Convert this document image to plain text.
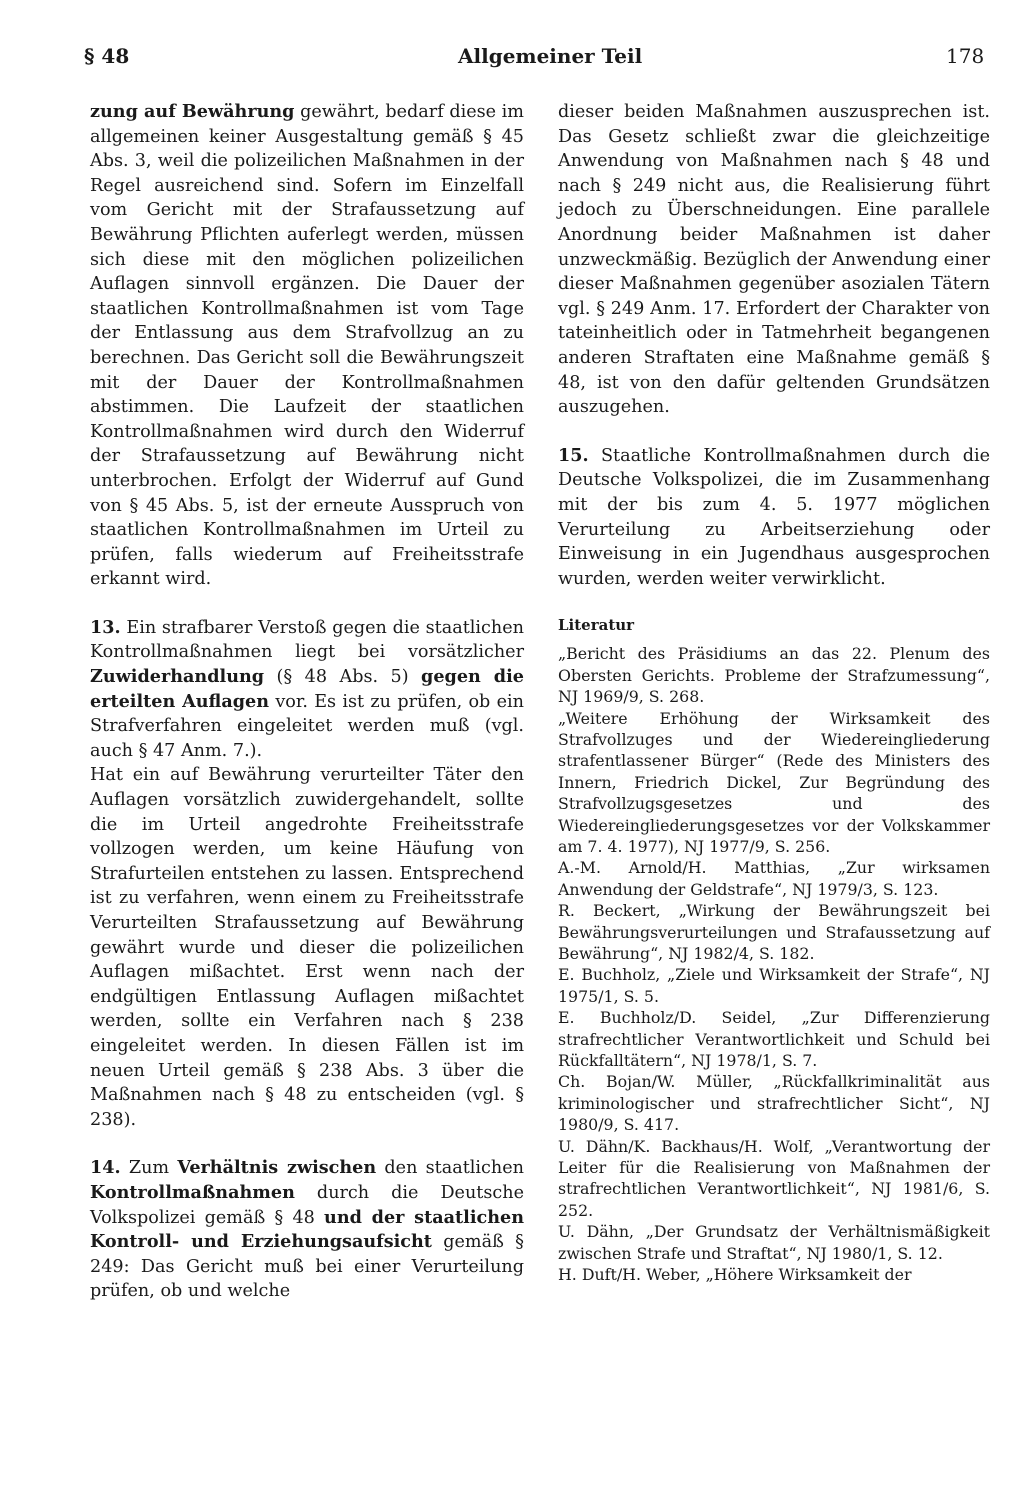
§ 48	Allgemeiner Teil	178

zung auf Bewährung gewährt, bedarf diese im allgemeinen keiner Ausgestaltung gemäß § 45 Abs. 3, weil die polizeilichen Maßnahmen in der Regel ausreichend sind. Sofern im Einzelfall vom Gericht mit der Strafaussetzung auf Bewährung Pflichten auferlegt werden, müssen sich diese mit den möglichen polizeilichen Auflagen sinnvoll ergänzen. Die Dauer der staatlichen Kontrollmaßnahmen ist vom Tage der Entlassung aus dem Strafvollzug an zu berechnen. Das Gericht soll die Bewährungszeit mit der Dauer der Kontrollmaßnahmen abstimmen. Die Laufzeit der staatlichen Kontrollmaßnahmen wird durch den Widerruf der Strafaussetzung auf Bewährung nicht unterbrochen. Erfolgt der Widerruf auf Gund von § 45 Abs. 5, ist der erneute Ausspruch von staatlichen Kontrollmaßnahmen im Urteil zu prüfen, falls wiederum auf Freiheitsstrafe erkannt wird.

13. Ein strafbarer Verstoß gegen die staatlichen Kontrollmaßnahmen liegt bei vorsätzlicher Zuwiderhandlung (§ 48 Abs. 5) gegen die erteilten Auflagen vor. Es ist zu prüfen, ob ein Strafverfahren eingeleitet werden muß (vgl. auch § 47 Anm. 7.).

Hat ein auf Bewährung verurteilter Täter den Auflagen vorsätzlich zuwidergehandelt, sollte die im Urteil angedrohte Freiheitsstrafe vollzogen werden, um keine Häufung von Strafurteilen entstehen zu lassen. Entsprechend ist zu verfahren, wenn einem zu Freiheitsstrafe Verurteilten Strafaussetzung auf Bewährung gewährt wurde und dieser die polizeilichen Auflagen mißachtet. Erst wenn nach der endgültigen Entlassung Auflagen mißachtet werden, sollte ein Verfahren nach § 238 eingeleitet werden. In diesen Fällen ist im neuen Urteil gemäß § 238 Abs. 3 über die Maßnahmen nach § 48 zu entscheiden (vgl. § 238).

14. Zum Verhältnis zwischen den staatlichen Kontrollmaßnahmen durch die Deutsche Volkspolizei gemäß § 48 und der staatlichen Kontroll- und Erziehungsaufsicht gemäß § 249: Das Gericht muß bei einer Verurteilung prüfen, ob und welche

dieser beiden Maßnahmen auszusprechen ist. Das Gesetz schließt zwar die gleichzeitige Anwendung von Maßnahmen nach § 48 und nach § 249 nicht aus, die Realisierung führt jedoch zu Überschneidungen. Eine parallele Anordnung beider Maßnahmen ist daher unzweckmäßig. Bezüglich der Anwendung einer dieser Maßnahmen gegenüber asozialen Tätern vgl. § 249 Anm. 17. Erfordert der Charakter von tateinheitlich oder in Tatmehrheit begangenen anderen Straftaten eine Maßnahme gemäß § 48, ist von den dafür geltenden Grundsätzen auszugehen.

15. Staatliche Kontrollmaßnahmen durch die Deutsche Volkspolizei, die im Zusammenhang mit der bis zum 4. 5. 1977 möglichen Verurteilung zu Arbeitserziehung oder Einweisung in ein Jugendhaus ausgesprochen wurden, werden weiter verwirklicht.

Literatur

„Bericht des Präsidiums an das 22. Plenum des Obersten Gerichts. Probleme der Strafzumessung“, NJ 1969/9, S. 268.

„Weitere Erhöhung der Wirksamkeit des Strafvollzuges und der Wiedereingliederung strafentlassener Bürger“ (Rede des Ministers des Innern, Friedrich Dickel, Zur Begründung des Strafvollzugsgesetzes und des Wiedereingliederungsgesetzes vor der Volkskammer am 7. 4. 1977), NJ 1977/9, S. 256.

A.-M. Arnold/H. Matthias, „Zur wirksamen Anwendung der Geldstrafe“, NJ 1979/3, S. 123.

R. Beckert, „Wirkung der Bewährungszeit bei Bewährungsverurteilungen und Strafaussetzung auf Bewährung“, NJ 1982/4, S. 182.

E. Buchholz, „Ziele und Wirksamkeit der Strafe“, NJ 1975/1, S. 5.

E. Buchholz/D. Seidel, „Zur Differenzierung strafrechtlicher Verantwortlichkeit und Schuld bei Rückfalltätern“, NJ 1978/1, S. 7.

Ch. Bojan/W. Müller, „Rückfallkriminalität aus kriminologischer und strafrechtlicher Sicht“, NJ 1980/9, S. 417.

U. Dähn/K. Backhaus/H. Wolf, „Verantwortung der Leiter für die Realisierung von Maßnahmen der strafrechtlichen Verantwortlichkeit“, NJ 1981/6, S. 252.

U. Dähn, „Der Grundsatz der Verhältnismäßigkeit zwischen Strafe und Straftat“, NJ 1980/1, S. 12.

H. Duft/H. Weber, „Höhere Wirksamkeit der
